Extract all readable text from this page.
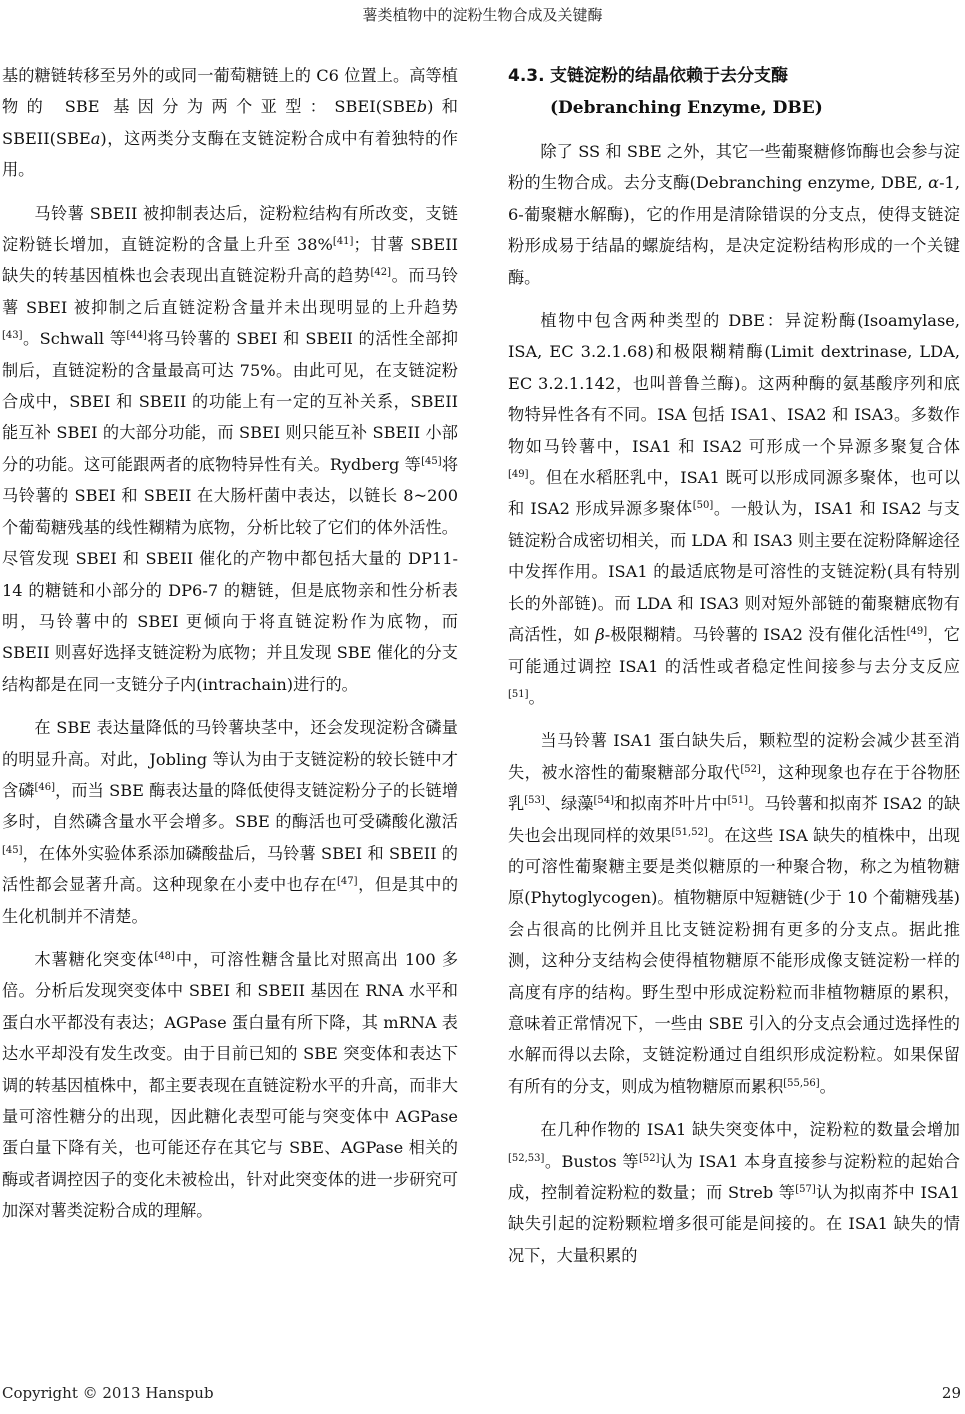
薯类植物中的淀粉生物合成及关键酶

基的糖链转移至另外的或同一葡萄糖链上的 C6 位置上。高等植物的 SBE 基因分为两个亚型：SBEI(SBEb)和 SBEII(SBEa)，这两类分支酶在支链淀粉合成中有着独特的作用。

马铃薯 SBEII 被抑制表达后，淀粉粒结构有所改变，支链淀粉链长增加，直链淀粉的含量上升至 38%[41]；甘薯 SBEII 缺失的转基因植株也会表现出直链淀粉升高的趋势[42]。而马铃薯 SBEI 被抑制之后直链淀粉含量并未出现明显的上升趋势[43]。Schwall 等[44]将马铃薯的 SBEI 和 SBEII 的活性全部抑制后，直链淀粉的含量最高可达 75%。由此可见，在支链淀粉合成中，SBEI 和 SBEII 的功能上有一定的互补关系，SBEII 能互补 SBEI 的大部分功能，而 SBEI 则只能互补 SBEII 小部分的功能。这可能跟两者的底物特异性有关。Rydberg 等[45]将马铃薯的 SBEI 和 SBEII 在大肠杆菌中表达，以链长 8~200 个葡萄糖残基的线性糊精为底物，分析比较了它们的体外活性。尽管发现 SBEI 和 SBEII 催化的产物中都包括大量的 DP11-14 的糖链和小部分的 DP6-7 的糖链，但是底物亲和性分析表明，马铃薯中的 SBEI 更倾向于将直链淀粉作为底物，而 SBEII 则喜好选择支链淀粉为底物；并且发现 SBE 催化的分支结构都是在同一支链分子内(intrachain)进行的。

在 SBE 表达量降低的马铃薯块茎中，还会发现淀粉含磷量的明显升高。对此，Jobling 等认为由于支链淀粉的较长链中才含磷[46]，而当 SBE 酶表达量的降低使得支链淀粉分子的长链增多时，自然磷含量水平会增多。SBE 的酶活也可受磷酸化激活[45]，在体外实验体系添加磷酸盐后，马铃薯 SBEI 和 SBEII 的活性都会显著升高。这种现象在小麦中也存在[47]，但是其中的生化机制并不清楚。

木薯糖化突变体[48]中，可溶性糖含量比对照高出 100 多倍。分析后发现突变体中 SBEI 和 SBEII 基因在 RNA 水平和蛋白水平都没有表达；AGPase 蛋白量有所下降，其 mRNA 表达水平却没有发生改变。由于目前已知的 SBE 突变体和表达下调的转基因植株中，都主要表现在直链淀粉水平的升高，而非大量可溶性糖分的出现，因此糖化表型可能与突变体中 AGPase 蛋白量下降有关，也可能还存在其它与 SBE、AGPase 相关的酶或者调控因子的变化未被检出，针对此突变体的进一步研究可加深对薯类淀粉合成的理解。

4.3. 支链淀粉的结晶依赖于去分支酶
(Debranching Enzyme, DBE)

除了 SS 和 SBE 之外，其它一些葡聚糖修饰酶也会参与淀粉的生物合成。去分支酶(Debranching enzyme, DBE, α-1, 6-葡聚糖水解酶)，它的作用是清除错误的分支点，使得支链淀粉形成易于结晶的螺旋结构，是决定淀粉结构形成的一个关键酶。

植物中包含两种类型的 DBE：异淀粉酶(Isoamylase, ISA, EC 3.2.1.68)和极限糊精酶(Limit dextrinase, LDA, EC 3.2.1.142，也叫普鲁兰酶)。这两种酶的氨基酸序列和底物特异性各有不同。ISA 包括 ISA1、ISA2 和 ISA3。多数作物如马铃薯中，ISA1 和 ISA2 可形成一个异源多聚复合体[49]。但在水稻胚乳中，ISA1 既可以形成同源多聚体，也可以和 ISA2 形成异源多聚体[50]。一般认为，ISA1 和 ISA2 与支链淀粉合成密切相关，而 LDA 和 ISA3 则主要在淀粉降解途径中发挥作用。ISA1 的最适底物是可溶性的支链淀粉(具有特别长的外部链)。而 LDA 和 ISA3 则对短外部链的葡聚糖底物有高活性，如 β-极限糊精。马铃薯的 ISA2 没有催化活性[49]，它可能通过调控 ISA1 的活性或者稳定性间接参与去分支反应[51]。

当马铃薯 ISA1 蛋白缺失后，颗粒型的淀粉会减少甚至消失，被水溶性的葡聚糖部分取代[52]，这种现象也存在于谷物胚乳[53]、绿藻[54]和拟南芥叶片中[51]。马铃薯和拟南芥 ISA2 的缺失也会出现同样的效果[51,52]。在这些 ISA 缺失的植株中，出现的可溶性葡聚糖主要是类似糖原的一种聚合物，称之为植物糖原(Phytoglycogen)。植物糖原中短糖链(少于 10 个葡糖残基)会占很高的比例并且比支链淀粉拥有更多的分支点。据此推测，这种分支结构会使得植物糖原不能形成像支链淀粉一样的高度有序的结构。野生型中形成淀粉粒而非植物糖原的累积，意味着正常情况下，一些由 SBE 引入的分支点会通过选择性的水解而得以去除，支链淀粉通过自组织形成淀粉粒。如果保留有所有的分支，则成为植物糖原而累积[55,56]。

在几种作物的 ISA1 缺失突变体中，淀粉粒的数量会增加[52,53]。Bustos 等[52]认为 ISA1 本身直接参与淀粉粒的起始合成，控制着淀粉粒的数量；而 Streb 等[57]认为拟南芥中 ISA1 缺失引起的淀粉颗粒增多很可能是间接的。在 ISA1 缺失的情况下，大量积累的

Copyright © 2013 Hanspub	29
